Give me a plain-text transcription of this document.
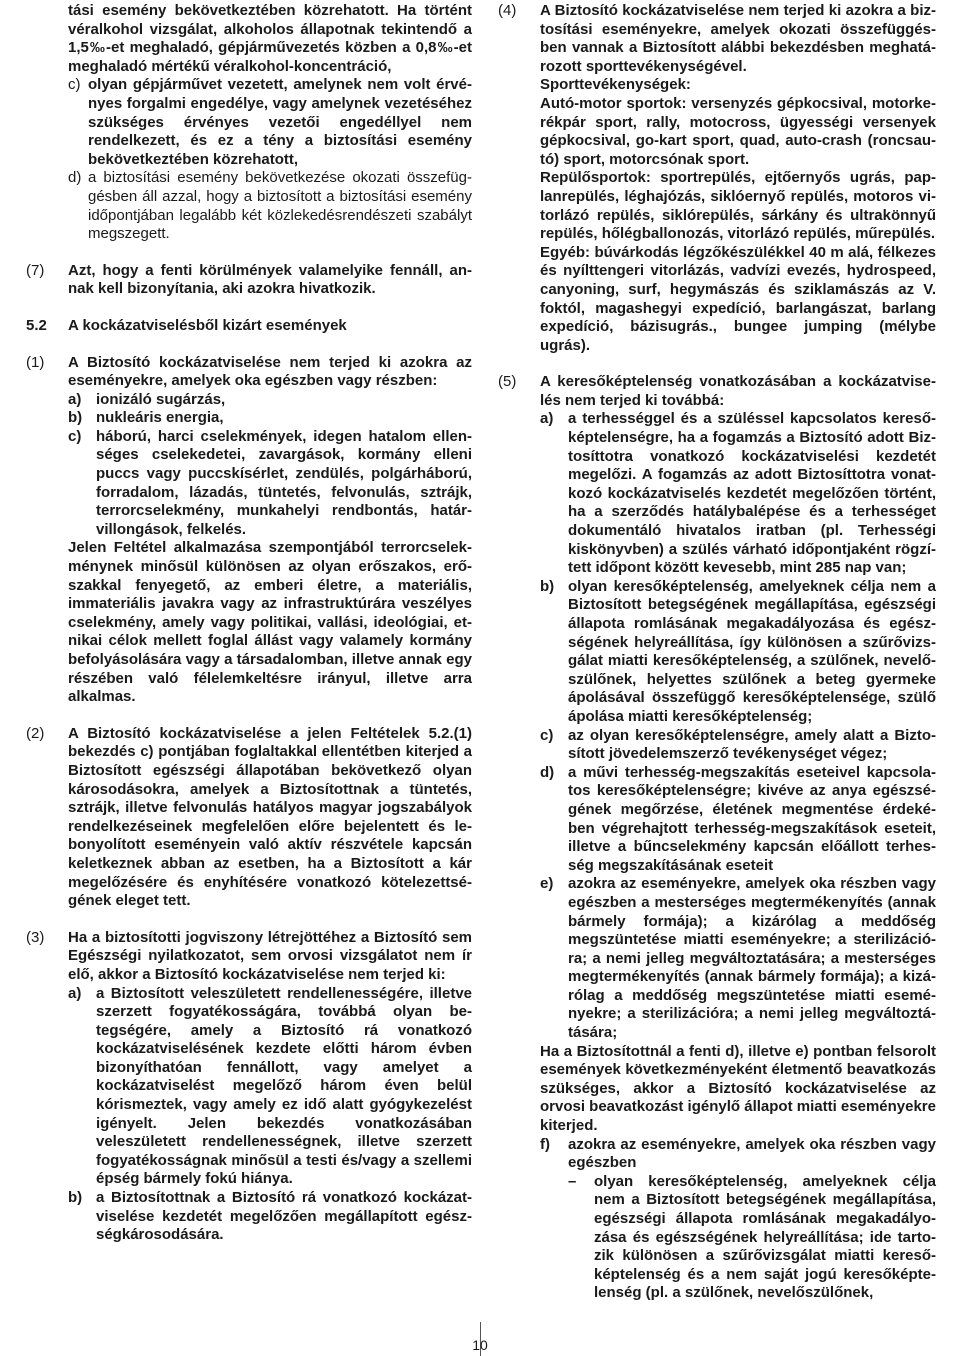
tási esemény bekövetkeztében közrehatott. Ha történt véralkohol vizsgálat, alkoholos állapotnak tekintendő a 1,5‰-et meghaladó, gépjárművezetés közben a 0,8‰-et meghaladó mértékű véralkohol-koncentráció,
c) olyan gépjárművet vezetett, amelynek nem volt érvényes forgalmi engedélye, vagy amelynek vezetéséhez szükséges érvényes vezetői engedéllyel nem rendelkezett, és ez a tény a biztosítási esemény bekövetkeztében közrehatott,
d) a biztosítási esemény bekövetkezése okozati összefüggésben áll azzal, hogy a biztosított a biztosítási esemény időpontjában legalább két közlekedésrendészeti szabályt megszegett.
(7)	Azt, hogy a fenti körülmények valamelyike fennáll, annak kell bizonyítania, aki azokra hivatkozik.
5.2	A kockázatviselésből kizárt események
(1)	A Biztosító kockázatviselése nem terjed ki azokra az eseményekre, amelyek oka egészben vagy részben:
a) ionizáló sugárzás,
b) nukleáris energia,
c) háború, harci cselekmények, idegen hatalom ellenséges cselekedetei, zavargások, kormány elleni puccs vagy puccskísérlet, zendülés, polgárháború, forradalom, lázadás, tüntetés, felvonulás, sztrájk, terrorcselekmény, munkahelyi rendbontás, határvillongások, felkelés.
Jelen Feltétel alkalmazása szempontjából terrorcselekménynek minősül különösen az olyan erőszakos, erőszakkal fenyegető, az emberi életre, a materiális, immateriális javakra vagy az infrastruktúrára veszélyes cselekmény, amely vagy politikai, vallási, ideológiai, etnikai célok mellett foglal állást vagy valamely kormány befolyásolására vagy a társadalomban, illetve annak egy részében való félelemkeltésre irányul, illetve arra alkalmas.
(2)	A Biztosító kockázatviselése a jelen Feltételek 5.2.(1) bekezdés c) pontjában foglaltakkal ellentétben kiterjed a Biztosított egészségi állapotában bekövetkező olyan károsodásokra, amelyek a Biztosítottnak a tüntetés, sztrájk, illetve felvonulás hatályos magyar jogszabályok rendelkezéseinek megfelelően előre bejelentett és lebonyolított eseményein való aktív részvétele kapcsán keletkeznek abban az esetben, ha a Biztosított a kár megelőzésére és enyhítésére vonatkozó kötelezettségének eleget tett.
(3)	Ha a biztosítotti jogviszony létrejöttéhez a Biztosító sem Egészségi nyilatkozatot, sem orvosi vizsgálatot nem ír elő, akkor a Biztosító kockázatviselése nem terjed ki:
a) a Biztosított veleszületett rendellenességére, illetve szerzett fogyatékosságára, továbbá olyan betegségére, amely a Biztosító rá vonatkozó kockázatviselésének kezdete előtti három évben bizonyíthatóan fennállott, vagy amelyet a kockázatviselést megelőző három éven belül kórismeztek, vagy amely ez idő alatt gyógykezelést igényelt. Jelen bekezdés vonatkozásában veleszületett rendellenességnek, illetve szerzett fogyatékosságnak minősül a testi és/vagy a szellemi épség bármely fokú hiánya.
b) a Biztosítottnak a Biztosító rá vonatkozó kockázatviselése kezdetét megelőzően megállapított egészségkárosodására.
(4)	A Biztosító kockázatviselése nem terjed ki azokra a biztosítási eseményekre, amelyek okozati összefüggésben vannak a Biztosított alábbi bekezdésben meghatározott sporttevékenységével.
Sporttevékenységek:
Autó-motor sportok: versenyzés gépkocsival, motorkerékpár sport, rally, motocross, ügyességi versenyek gépkocsival, go-kart sport, quad, auto-crash (roncsautó) sport, motorcsónak sport.
Repülősportok: sportrepülés, ejtőernyős ugrás, paplanrepülés, léghajózás, siklóernyő repülés, motoros vitorlázó repülés, siklórepülés, sárkány és ultrakönnyű repülés, hőlégballonozás, vitorlázó repülés, műrepülés.
Egyéb: búvárkodás légzőkészülékkel 40 m alá, félkezes és nyílttengeri vitorlázás, vadvízi evezés, hydrospeed, canyoning, surf, hegymászás és sziklamászás az V. foktól, magashegyi expedíció, barlangászat, barlang expedíció, bázisugrás., bungee jumping (mélybe ugrás).
(5)	A keresőképtelenség vonatkozásában a kockázatviselés nem terjed ki továbbá:
a) a terhességgel és a szüléssel kapcsolatos keresőképtelenségre, ha a fogamzás a Biztosító adott Biztosíttotra vonatkozó kockázatviselési kezdetét megelőzi. A fogamzás az adott Biztosíttotra vonatkozó kockázatviselés kezdetét megelőzően történt, ha a szerződés hatálybalépése és a terhességet dokumentáló hivatalos iratban (pl. Terhességi kiskönyvben) a szülés várható időpontjaként rögzített időpont között kevesebb, mint 285 nap van;
b) olyan keresőképtelenség, amelyeknek célja nem a Biztosított betegségének megállapítása, egészségi állapota romlásának megakadályozása és egészségének helyreállítása, így különösen a szűrővizsgálat miatti keresőképtelenség, a szülőnek, nevelőszülőnek, helyettes szülőnek a beteg gyermeke ápolásával összefüggő keresőképtelensége, szülő ápolása miatti keresőképtelenség;
c) az olyan keresőképtelenségre, amely alatt a Biztosított jövedelemszerző tevékenységet végez;
d) a művi terhesség-megszakítás eseteivel kapcsolatos keresőképtelenségre; kivéve az anya egészségének megőrzése, életének megmentése érdekében végrehajtott terhesség-megszakítások eseteit, illetve a bűncselekmény kapcsán előállott terhesség megszakításának eseteit
e) azokra az eseményekre, amelyek oka részben vagy egészben a mesterséges megtermékenyítés (annak bármely formája); a kizárólag a meddőség megszüntetése miatti eseményekre; a sterilizációra; a nemi jelleg megváltoztatására; a mesterséges megtermékenyítés (annak bármely formája); a kizárólag a meddőség megszüntetése miatti eseményekre; a sterilizációra; a nemi jelleg megváltoztátására;
Ha a Biztosítottnál a fenti d), illetve e) pontban felsorolt események következményeként életmentő beavatkozás szükséges, akkor a Biztosító kockázatviselése az orvosi beavatkozást igénylő állapot miatti eseményekre kiterjed.
f)	azokra az eseményekre, amelyek oka részben vagy egészben
–	olyan keresőképtelenség, amelyeknek célja nem a Biztosított betegségének megállapítása, egészségi állapota romlásának megakadályozása és egészségének helyreállítása; ide tartozik különösen a szűrővizsgálat miatti keresőképtelenség és a nem saját jogú keresőképtelenség (pl. a szülőnek, nevelőszülőnek,
10
